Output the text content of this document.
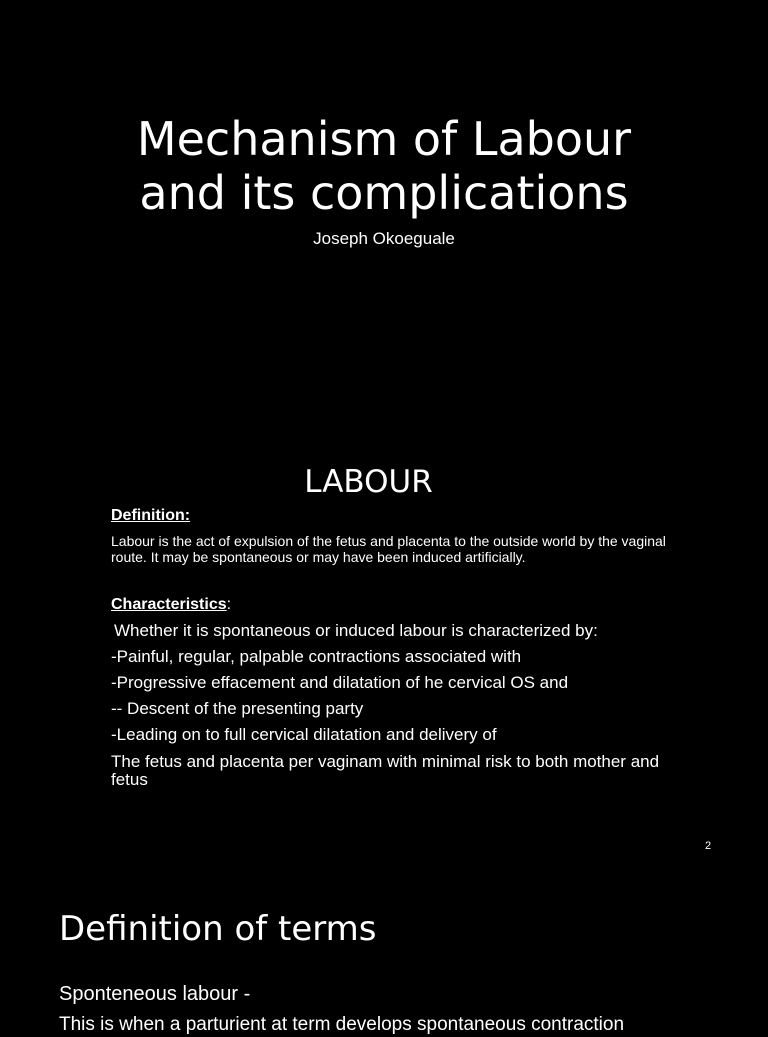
Mechanism of Labour
and its complications
Joseph Okoeguale
LABOUR
Definition:
Labour is the act of expulsion of the fetus and placenta to the outside world by the vaginal route. It may be spontaneous or may have been induced artificially.
Characteristics:
Whether it is spontaneous or induced labour is characterized by:
-Painful, regular, palpable contractions associated with
-Progressive effacement and dilatation of he cervical OS and
-- Descent of the presenting party
-Leading on to full cervical dilatation and delivery of
The fetus and placenta per vaginam with minimal risk to both mother and fetus
2
Definition of terms
Sponteneous labour -
This is when a parturient at term develops spontaneous contraction
